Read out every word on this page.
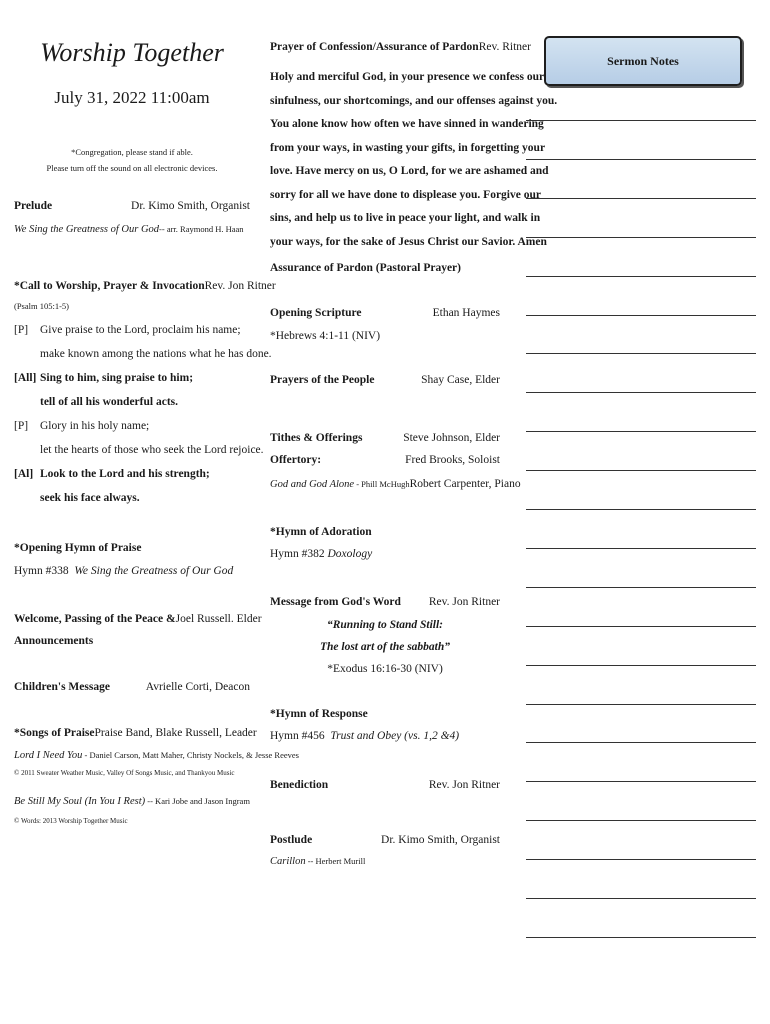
Worship Together
July 31, 2022 11:00am
*Congregation, please stand if able.
Please turn off the sound on all electronic devices.
Prelude	Dr. Kimo Smith, Organist
We Sing the Greatness of Our God-- arr. Raymond H. Haan
*Call to Worship, Prayer & Invocation Rev. Jon Ritner
(Psalm 105:1-5)
[P]	Give praise to the Lord, proclaim his name;
make known among the nations what he has done.
[All] Sing to him, sing praise to him;
tell of all his wonderful acts.
[P]	Glory in his holy name;
let the hearts of those who seek the Lord rejoice.
[Al] Look to the Lord and his strength;
seek his face always.
*Opening Hymn of Praise
Hymn #338 We Sing the Greatness of Our God
Welcome, Passing of the Peace & Joel Russell. Elder
Announcements
Children's Message	Avrielle Corti, Deacon
*Songs of Praise Praise Band, Blake Russell, Leader
Lord I Need You - Daniel Carson, Matt Maher, Christy Nockels, & Jesse Reeves
© 2011 Sweater Weather Music, Valley Of Songs Music, and Thankyou Music
Be Still My Soul (In You I Rest) -- Kari Jobe and Jason Ingram
© Words: 2013 Worship Together Music
Prayer of Confession/Assurance of Pardon Rev. Ritner
Holy and merciful God, in your presence we confess our
sinfulness, our shortcomings, and our offenses against you.
You alone know how often we have sinned in wandering
from your ways, in wasting your gifts, in forgetting your
love. Have mercy on us, O Lord, for we are ashamed and
sorry for all we have done to displease you. Forgive our
sins, and help us to live in peace your light, and walk in
your ways, for the sake of Jesus Christ our Savior. Amen
Assurance of Pardon (Pastoral Prayer)
Opening Scripture	Ethan Haymes
*Hebrews 4:1-11 (NIV)
Prayers of the People	Shay Case, Elder
Tithes & Offerings	Steve Johnson, Elder
Offertory:	Fred Brooks, Soloist
God and God Alone - Phill McHugh Robert Carpenter, Piano
*Hymn of Adoration
Hymn #382 Doxology
Message from God's Word Rev. Jon Ritner
“Running to Stand Still:
The lost art of the sabbath”
*Exodus 16:16-30 (NIV)
*Hymn of Response
Hymn #456 Trust and Obey (vs. 1,2 &4)
Benediction	Rev. Jon Ritner
Postlude	Dr. Kimo Smith, Organist
Carillon -- Herbert Murill
Sermon Notes
